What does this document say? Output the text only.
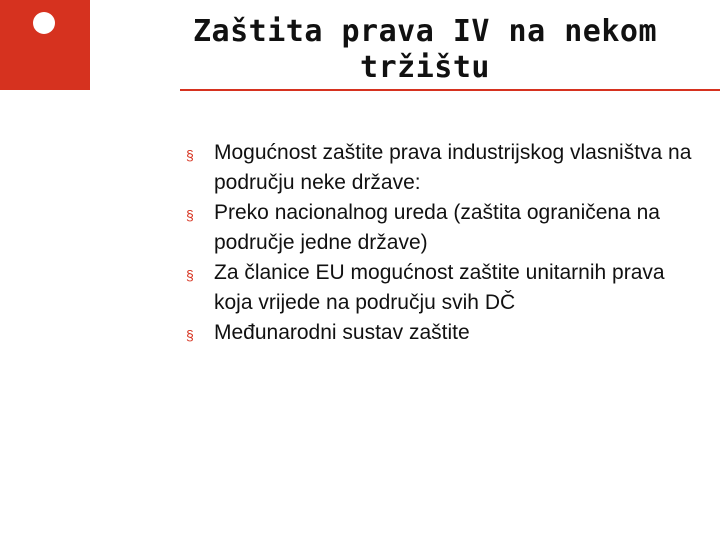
Zaštita prava IV na nekom tržištu
§ Mogućnost zaštite prava industrijskog vlasništva na području neke države:
§ Preko nacionalnog ureda (zaštita ograničena na područje jedne države)
§ Za članice EU mogućnost zaštite unitarnih prava koja vrijede na području svih DČ
§ Međunarodni sustav zaštite
